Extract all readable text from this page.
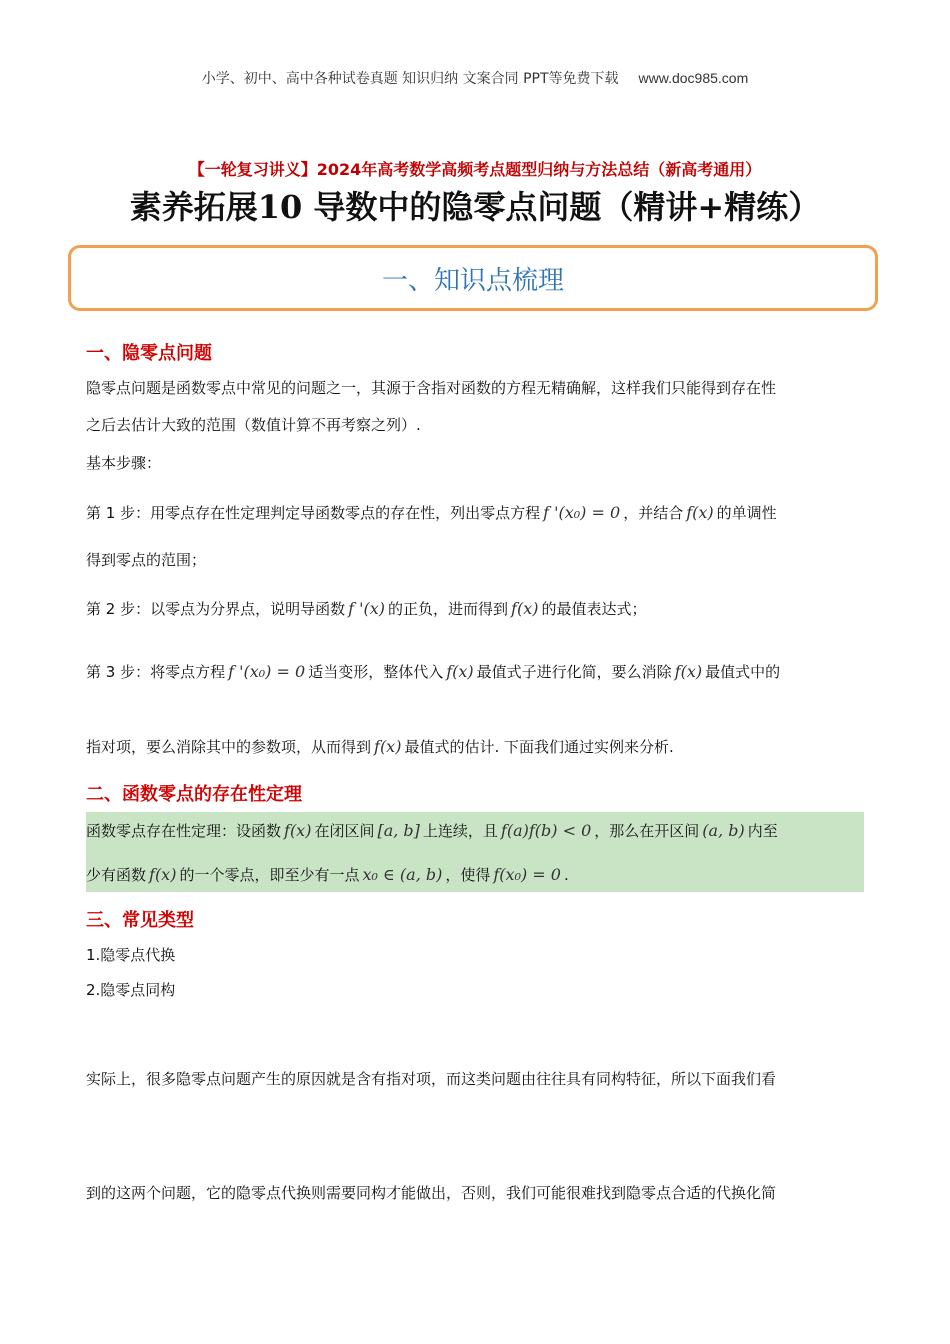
小学、初中、高中各种试卷真题 知识归纳 文案合同 PPT等免费下载 www.doc985.com
【一轮复习讲义】2024年高考数学高频考点题型归纳与方法总结（新高考通用）
素养拓展10 导数中的隐零点问题（精讲+精练）
一、知识点梳理
一、隐零点问题
隐零点问题是函数零点中常见的问题之一，其源于含指对函数的方程无精确解，这样我们只能得到存在性
之后去估计大致的范围（数值计算不再考察之列）.
基本步骤：
第 1 步：用零点存在性定理判定导函数零点的存在性，列出零点方程 f '(x₀) = 0 ，并结合 f(x) 的单调性
得到零点的范围；
第 2 步：以零点为分界点，说明导函数 f '(x) 的正负，进而得到 f(x) 的最值表达式；
第 3 步：将零点方程 f '(x₀) = 0 适当变形，整体代入 f(x) 最值式子进行化简，要么消除 f(x) 最值式中的
指对项，要么消除其中的参数项，从而得到 f(x) 最值式的估计. 下面我们通过实例来分析.
二、函数零点的存在性定理
函数零点存在性定理：设函数 f(x) 在闭区间 [a, b] 上连续，且 f(a)f(b) < 0 ，那么在开区间 (a, b) 内至
少有函数 f(x) 的一个零点，即至少有一点 x₀ ∈ (a, b) ，使得 f(x₀) = 0 .
三、常见类型
1.隐零点代换
2.隐零点同构
实际上，很多隐零点问题产生的原因就是含有指对项，而这类问题由往往具有同构特征，所以下面我们看
到的这两个问题，它的隐零点代换则需要同构才能做出，否则，我们可能很难找到隐零点合适的代换化简
